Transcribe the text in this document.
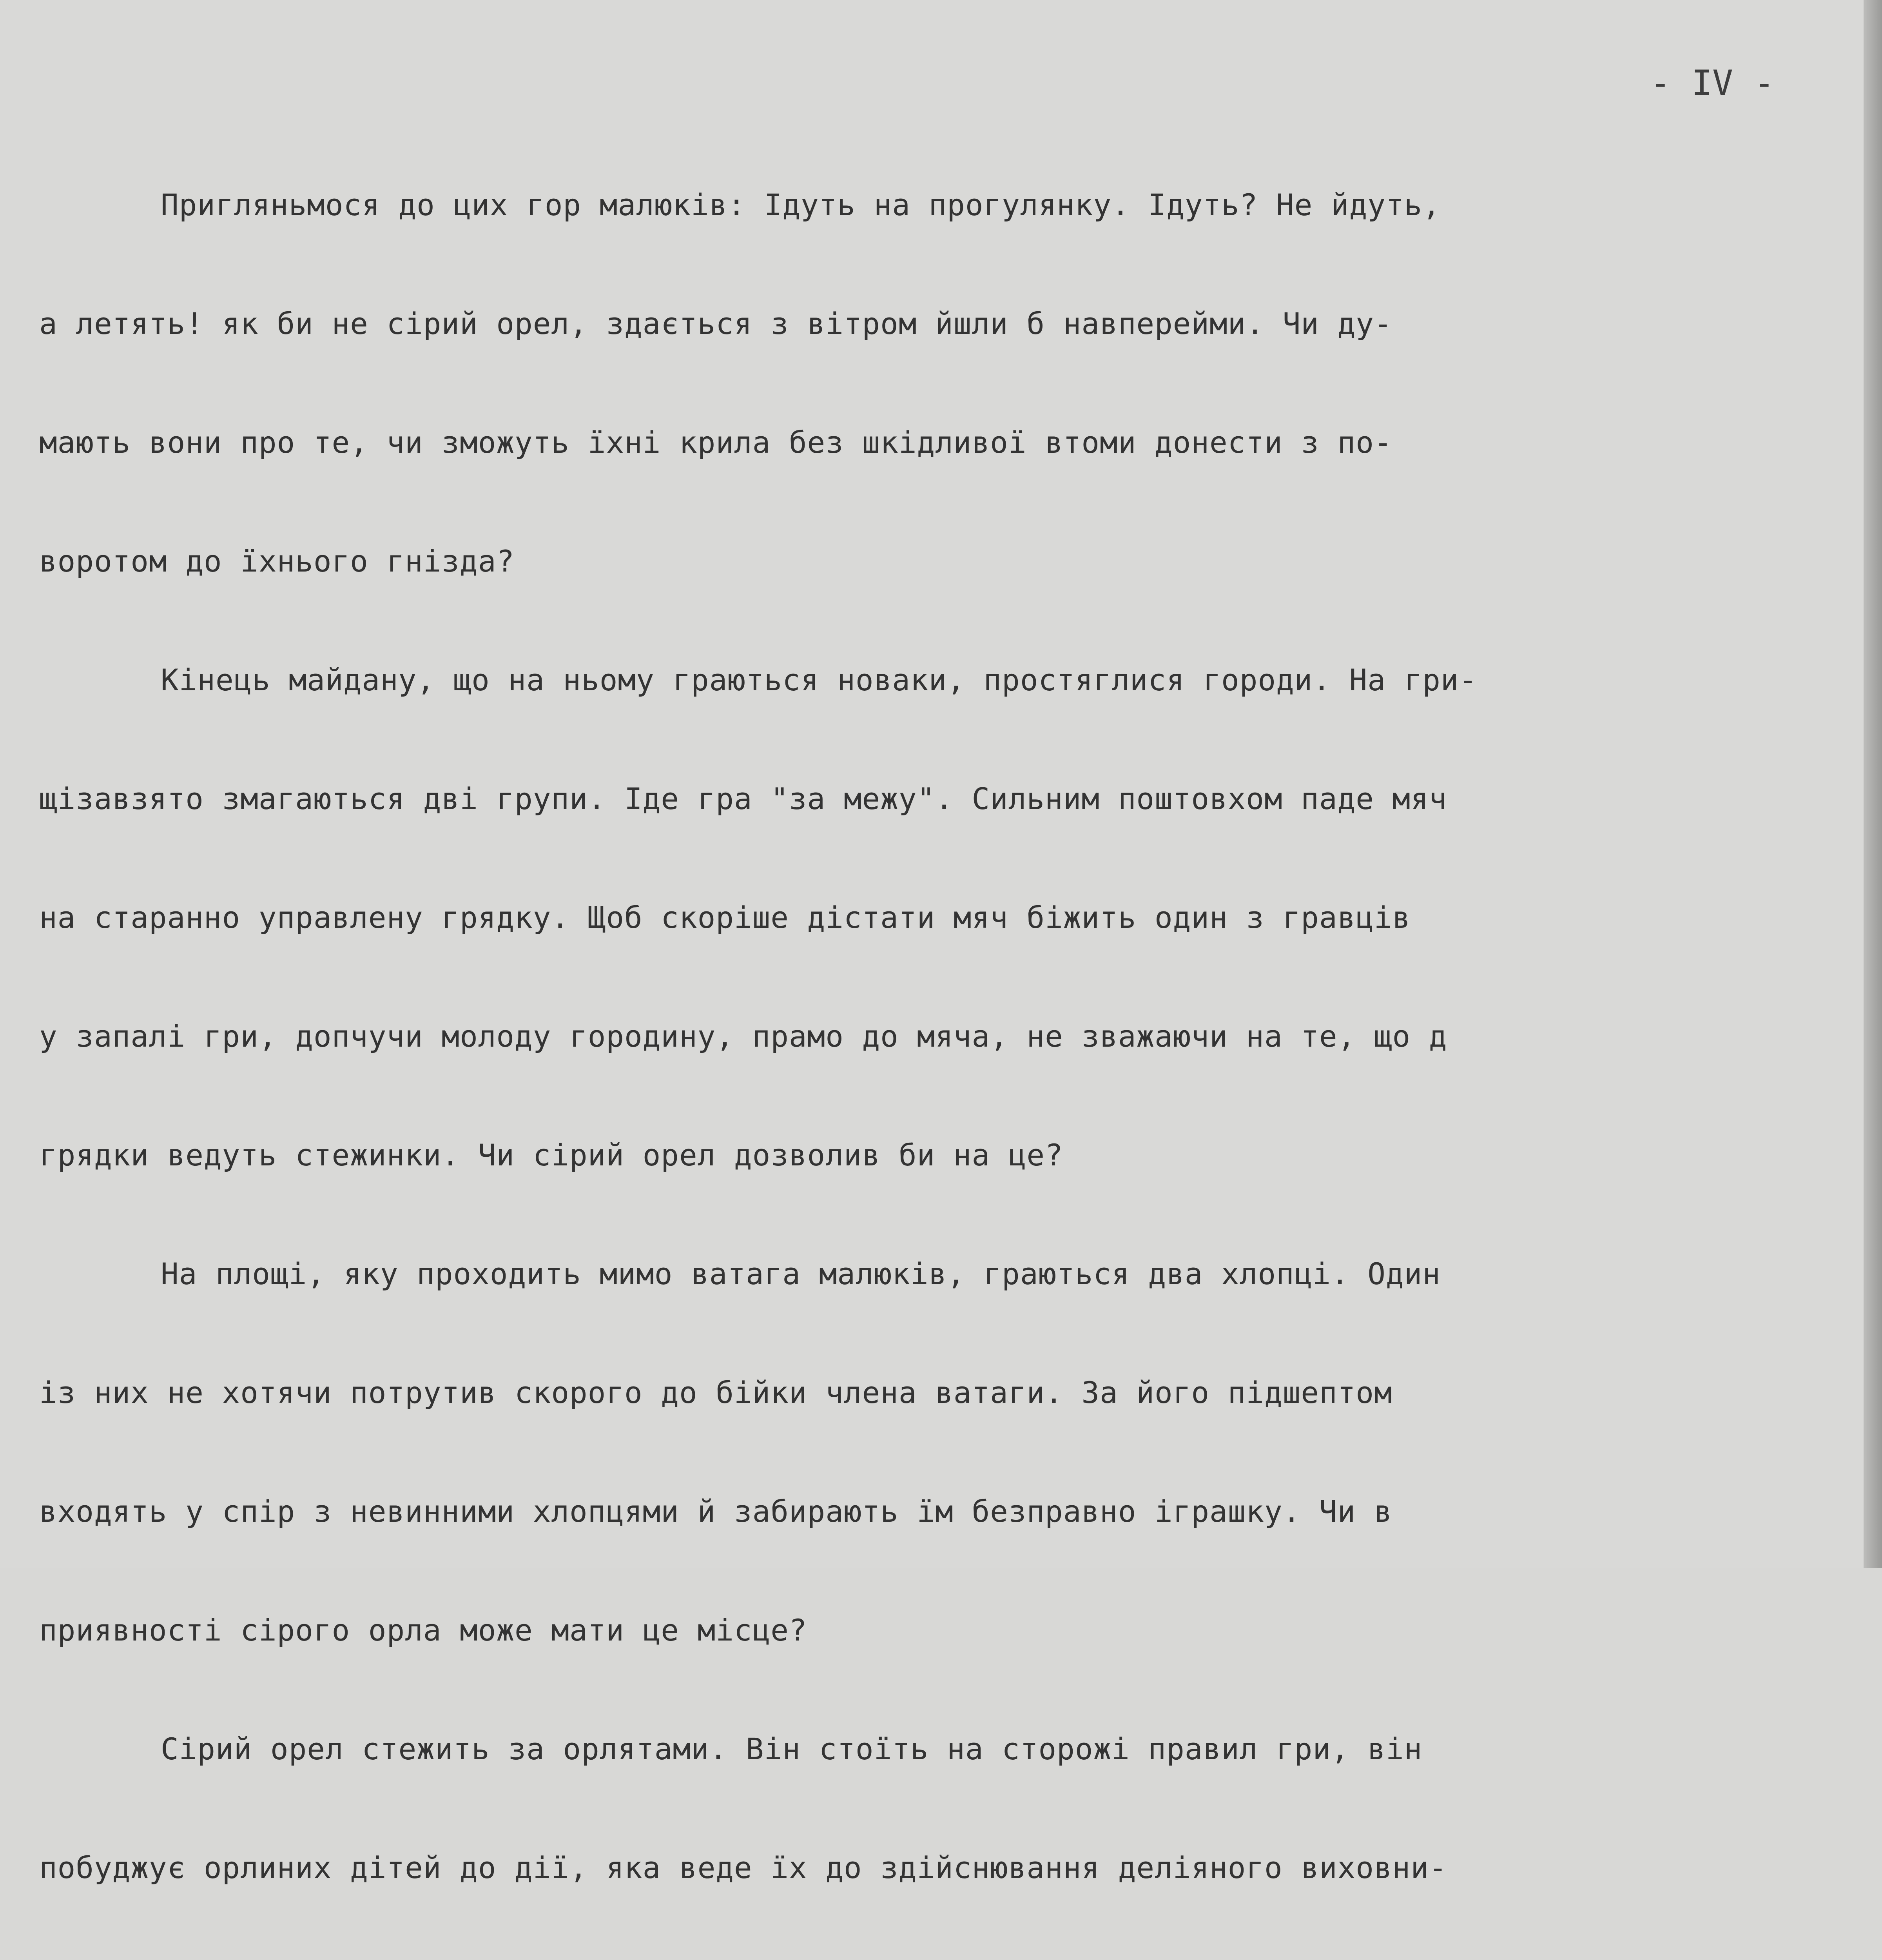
- IV -

Пригляньмося до цих гор малюків: Ідуть на прогулянку. Ідуть? Не йдуть,

а летять! як би не сірий орел, здається з вітром йшли б навперейми. Чи ду-

мають вони про те, чи зможуть їхні крила без шкідливої втоми донести з по-

воротом до їхнього гнізда?

Кінець майдану, що на ньому граються новаки, простяглися городи. На гри-

щізавзято змагаються дві групи. Іде гра "за межу". Сильним поштовхом паде мяч

на старанно управлену грядку. Щоб скоріше дістати мяч біжить один з гравців

у запалі гри, допчучи молоду городину, прамо до мяча, не зважаючи на те, що д

грядки ведуть стежинки. Чи сірий орел дозволив би на це?

На площі, яку проходить мимо ватага малюків, граються два хлопці. Один

із них не хотячи потрутив скорого до бійки члена ватаги. За його підшептом

входять у спір з невинними хлопцями й забирають їм безправно іграшку. Чи в

приявності сірого орла може мати це місце?

Сірий орел стежить за орлятами. Він стоїть на сторожі правил гри, він

побуджує орлиних дітей до дії, яка веде їх до здійснювання деліяного виховни-
